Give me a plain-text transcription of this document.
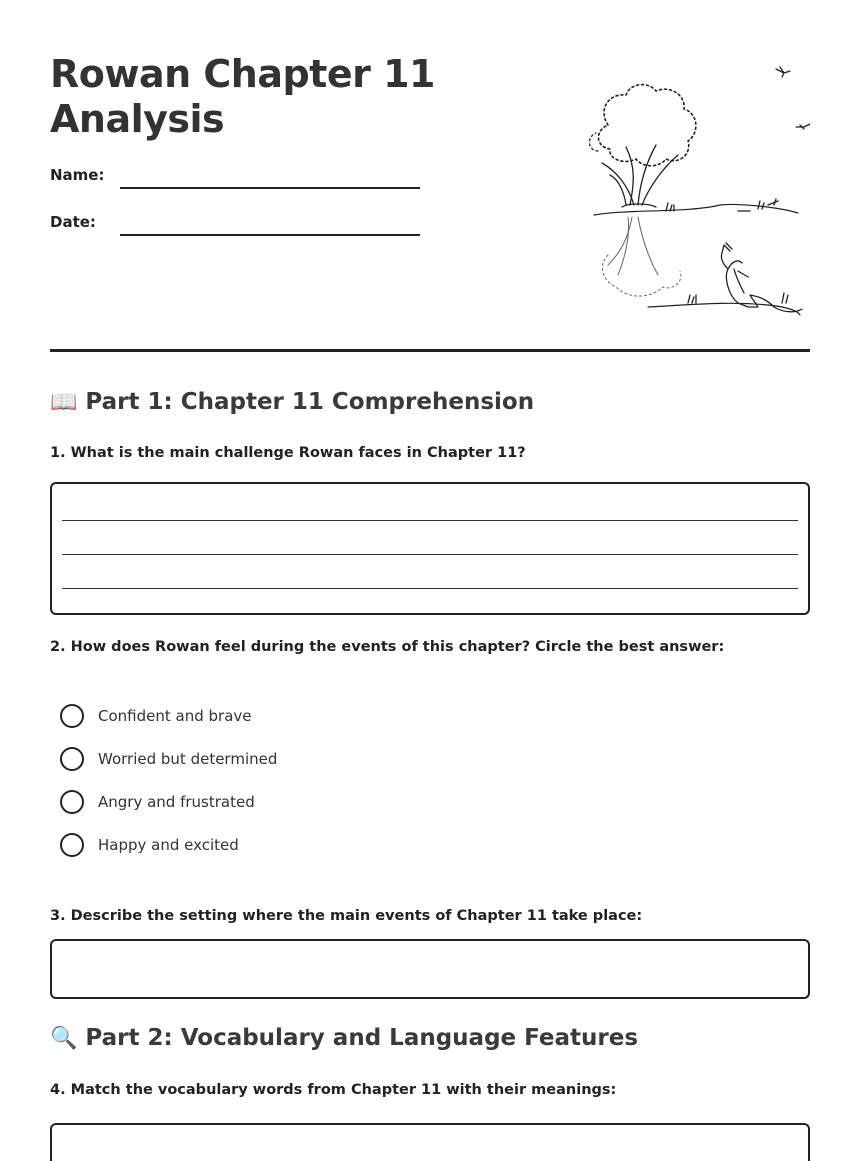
Rowan Chapter 11
Analysis
Name:
Date:
📖 Part 1: Chapter 11 Comprehension
1. What is the main challenge Rowan faces in Chapter 11?
2. How does Rowan feel during the events of this chapter? Circle the best answer:
Confident and brave
Worried but determined
Angry and frustrated
Happy and excited
3. Describe the setting where the main events of Chapter 11 take place:
🔍 Part 2: Vocabulary and Language Features
4. Match the vocabulary words from Chapter 11 with their meanings:
